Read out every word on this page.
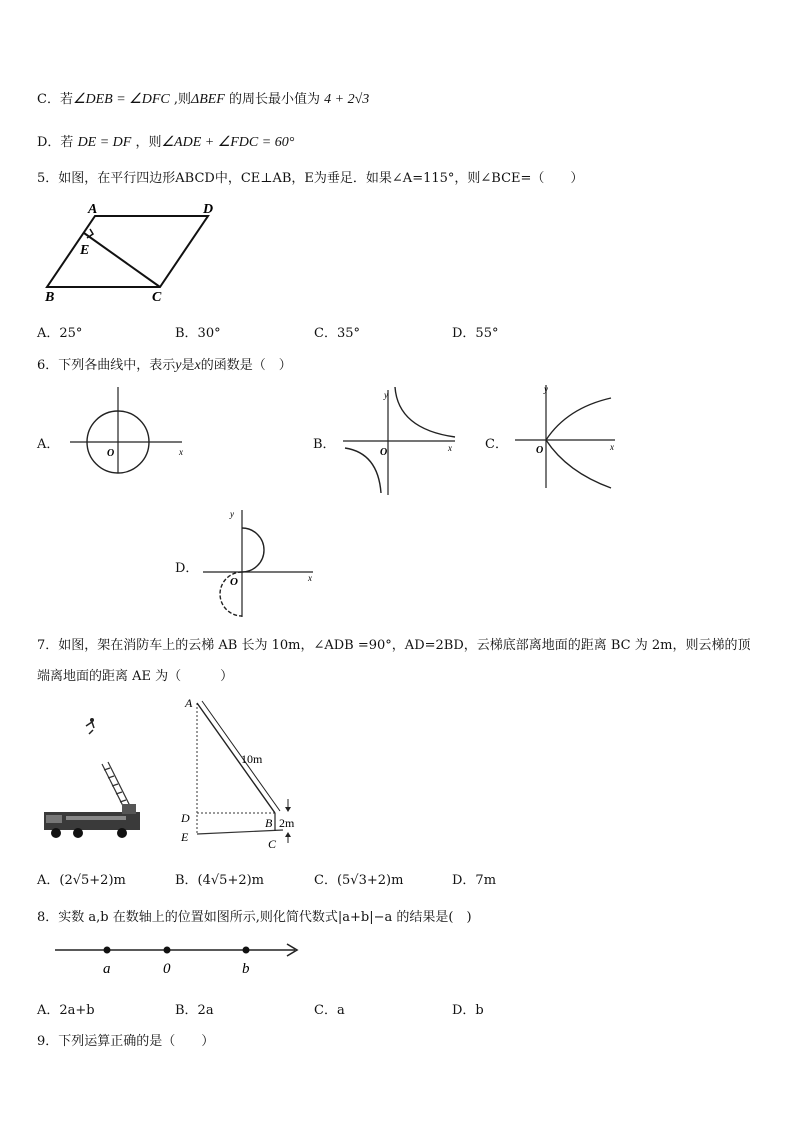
C．若∠DEB = ∠DFC ,则ΔBEF 的周长最小值为 4 + 2√3
D．若 DE = DF ，则∠ADE + ∠FDC = 60°
5．如图，在平行四边形ABCD中，CE⊥AB，E为垂足．如果∠A=115°，则∠BCE=（　　）
A	D
E
B	C
A．25°	B．30°	C．35°	D．55°
6．下列各曲线中，表示y是x的函数是（　）
A．	x
O
B．
y
x
O
C．
y
x
O
D．
y
x
O
7．如图，架在消防车上的云梯 AB 长为 10m，∠ADB =90°，AD=2BD，云梯底部离地面的距离 BC 为 2m，则云梯的顶
端离地面的距离 AE 为（　　　）
A
D
E
B
C
10m
2m
A．(2√5+2)m	B．(4√5+2)m	C．(5√3+2)m	D．7m
8．实数 a,b 在数轴上的位置如图所示,则化简代数式|a+b|−a 的结果是(　)
a	0	b
A．2a+b	B．2a	C．a	D．b
9．下列运算正确的是（　　）
